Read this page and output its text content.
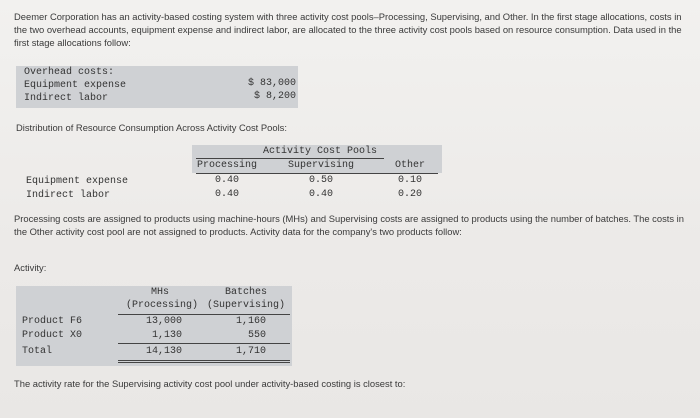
Deemer Corporation has an activity-based costing system with three activity cost pools–Processing, Supervising, and Other. In the first stage allocations, costs in the two overhead accounts, equipment expense and indirect labor, are allocated to the three activity cost pools based on resource consumption. Data used in the first stage allocations follow:
Overhead costs:
Equipment expense	$ 83,000
Indirect labor	$ 8,200
Distribution of Resource Consumption Across Activity Cost Pools:
Activity Cost Pools
Processing	Supervising	Other
Equipment expense	0.40	0.50	0.10
Indirect labor	0.40	0.40	0.20
Processing costs are assigned to products using machine-hours (MHs) and Supervising costs are assigned to products using the number of batches. The costs in the Other activity cost pool are not assigned to products. Activity data for the company's two products follow:
Activity:
MHs	Batches
(Processing) (Supervising)
Product F6	13,000	1,160
Product X0	1,130	550
Total	14,130	1,710
The activity rate for the Supervising activity cost pool under activity-based costing is closest to:
